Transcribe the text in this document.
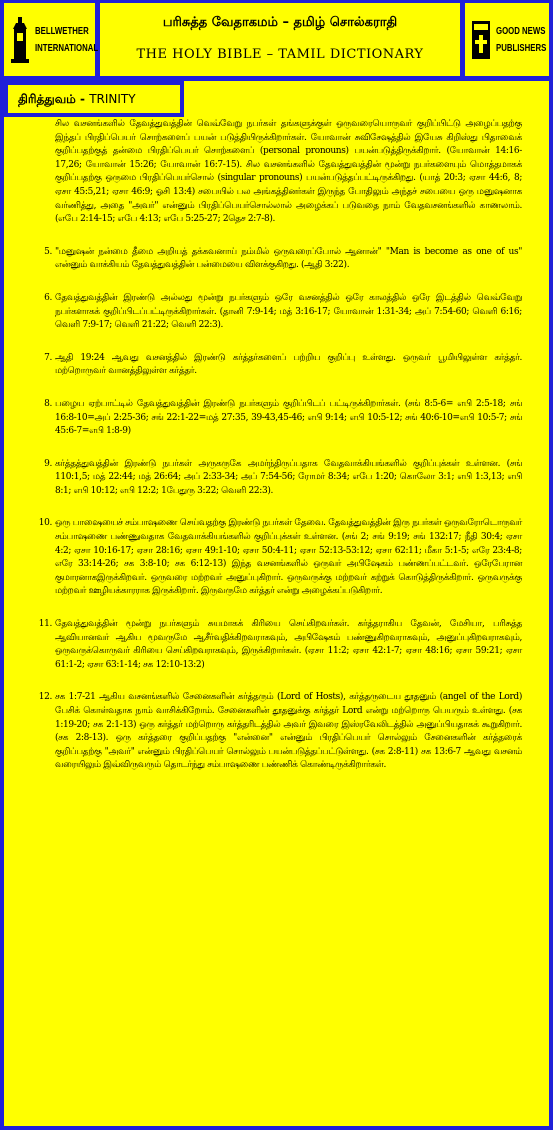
BELLWETHER
INTERNATIONAL
பரிசுத்த வேதாகமம் – தமிழ் சொல்கராதி
THE HOLY BIBLE – TAMIL DICTIONARY
GOOD NEWS
PUBLISHERS
திரித்துவம் - TRINITY
சில வசனங்களில் தேவத்துவத்தின் வெவ்வேறு நபர்கள் தங்களுக்குள் ஒருவரையொருவர் குறிப்பிட்டு அழைப்பதற்கு இந்தப் பிரதிப்பெயர் சொற்களைப் பயன் படுத்தியிருக்கிறார்கள். யோவான் சுவிசேஷத்தில் இயேசு கிறிஸ்து பிதாவைக் குறிப்பதற்குத் தன்மை பிரதிப்பெயர் சொற்களைப் (personal pronouns) பயன்படுத்திருக்கிறார். (யோவான் 14:16-17,26; யோவான் 15:26; யோவான் 16:7-15). சில வசனங்களில் தேவத்துவத்தின் மூன்று நபர்களையும் மொத்தமாகக் குறிப்பதற்கு ஒருமை பிரதிப்பெயர்சொல் (singular pronouns) பயன்படுத்தப்பட்டிருக்கிறது. (யாத் 20:3; ஏசா 44:6, 8; ஏசா 45:5,21; ஏசா 46:9; ஓசி 13:4) சபையில் பல அங்கத்தினர்கள் இருந்த போதிலும் அந்தச் சபையை ஒரு மனுஷனாக வர்ணித்து, அதை "அவர்" என்னும் பிரதிப்பெயர்சொல்லால் அழைக்கப் படுவதை நாம் வேதவசனங்களில் காணலாம். (எபே 2:14-15; எபே 4:13; எபே 5:25-27; 2தெச 2:7-8).
5. "மனுஷன் நன்மை தீமை அறியத் தக்கவனாய் நம்மில் ஒருவரைப்போல் ஆனான்" "Man is become as one of us" என்னும் வாக்கியம் தேவத்துவத்தின் பன்மையை விளக்குகிறது. (ஆதி 3:22).
6. தேவத்துவத்தின் இரண்டு அல்லது மூன்று நபர்களும் ஒரே வசனத்தில் ஒரே காலத்தில் ஒரே இடத்தில் வெவ்வேறு நபர்களாகக் குறிப்பிடப்பட்டிருக்கிறார்கள். (தானி 7:9-14; மத் 3:16-17; யோவான் 1:31-34; அப் 7:54-60; வெளி 6:16; வெளி 7:9-17; வெளி 21:22; வெளி 22:3).
7. ஆதி 19:24 ஆவது வசனத்தில் இரண்டு கர்த்தர்களைப் பற்றிய குறிப்பு உள்ளது. ஒருவர் பூமியிலுள்ள கர்த்தர். மற்றொருவர் வானத்திலுள்ள கர்த்தர்.
8. பழைய ஏற்பாட்டில் தேவத்துவத்தின் இரண்டு நபர்களும் குறிப்பிடப் பட்டிருக்கிறார்கள். (சங் 8:5-6= எபி 2:5-18; சங் 16:8-10=அப் 2:25-36; சங் 22:1-22=மத் 27:35, 39-43,45-46; எபி 9:14; எபி 10:5-12; சங் 40:6-10=எபி 10:5-7; சங் 45:6-7=எபி 1:8-9)
9. கர்த்தத்துவத்தின் இரண்டு நபர்கள் அருகருகே அமர்ந்திருப்பதாக வேதவாக்கியங்களில் குறிப்புக்கள் உள்ளன. (சங் 110:1,5; மத் 22:44; மத் 26:64; அப் 2:33-34; அப் 7:54-56; ரோமர் 8:34; எபே 1:20; கொலோ 3:1; எபி 1:3,13; எபி 8:1; எபி 10:12; எபி 12:2; 1பேதுரு 3:22; வெளி 22:3).
10. ஒரு பாஷையைச் சம்பாஷணை செய்வதற்கு இரண்டு நபர்கள் தேவை. தேவத்துவத்தின் இரு நபர்கள் ஒருவரோடொருவர் சம்பாஷணை பண்ணுவதாக வேதவாக்கியங்களில் குறிப்புக்கள் உள்ளன. (சங் 2; சங் 9:19; சங் 132:17; நீதி 30:4; ஏசா 4:2; ஏசா 10:16-17; ஏசா 28:16; ஏசா 49:1-10; ஏசா 50:4-11; ஏசா 52:13-53:12; ஏசா 62:11; மீகா 5:1-5; எரே 23:4-8; எரே 33:14-26; சக 3:8-10; சக 6:12-13) இந்த வசனங்களில் ஒருவர் அபிஷேகம் பண்ணப்பட்டவர். ஒரேபேரான குமாரனாகஇருக்கிறவர். ஒருவரை மற்றவர் அனுப்புகிறார். ஒருவருக்கு மற்றவர் கற்றுக் கொடுத்திருக்கிறார். ஒருவருக்கு மற்றவர் ஊழியக்காரராக இருக்கிறார். இருவருமே கர்த்தர் என்று அழைக்கப்படுகிறார்.
11. தேவத்துவத்தின் மூன்று நபர்களும் சுயமாகக் கிரியை செய்கிறவர்கள். கர்த்தராகிய தேவன், மேசியா, பரிசுத்த ஆவியானவர் ஆகிய மூவருமே ஆசீர்வதிக்கிறவராகவும், அபிஷேகம் பண்ணுகிறவராகவும், அனுப்புகிறவராகவும், ஒருவருக்கொருவர் கிரியை செய்கிறவராகவும், இருக்கிறார்கள். (ஏசா 11:2; ஏசா 42:1-7; ஏசா 48:16; ஏசா 59:21; ஏசா 61:1-2; ஏசா 63:1-14; சக 12:10-13:2)
12. சக 1:7-21 ஆகிய வசனங்களில் சேனைகளின் கர்த்தரும் (Lord of Hosts), கர்த்தருடைய தூதனும் (angel of the Lord) பேசிக் கொள்வதாக நாம் வாசிக்கிறோம். சேனைகளின் தூதனுக்கு கர்த்தர் Lord என்று மற்றொரு பெயரும் உள்ளது. (சக 1:19-20; சக 2:1-13) ஒரு கர்த்தர் மற்றொரு கர்த்தரிடத்தில் அவர் இவரை இஸ்ரவேலிடத்தில் அனுப்பியதாகக் கூறுகிறார். (சக 2:8-13). ஒரு கர்த்தரை குறிப்பதற்கு "என்னை" என்னும் பிரதிப்பெயர் சொல்லும் சேனைகளின் கர்த்தரைக் குறிப்பதற்கு "அவர்" என்னும் பிரதிப்பெயர் சொல்லும் பயன்படுத்தப்பட்டுள்ளது. (சக 2:8-11) சக 13:6-7 ஆவது வசனம் வரையிலும் இவ்விருவரும் தொடர்ந்து சம்பாஷணை பண்ணிக் கொண்டிருக்கிறார்கள்.
